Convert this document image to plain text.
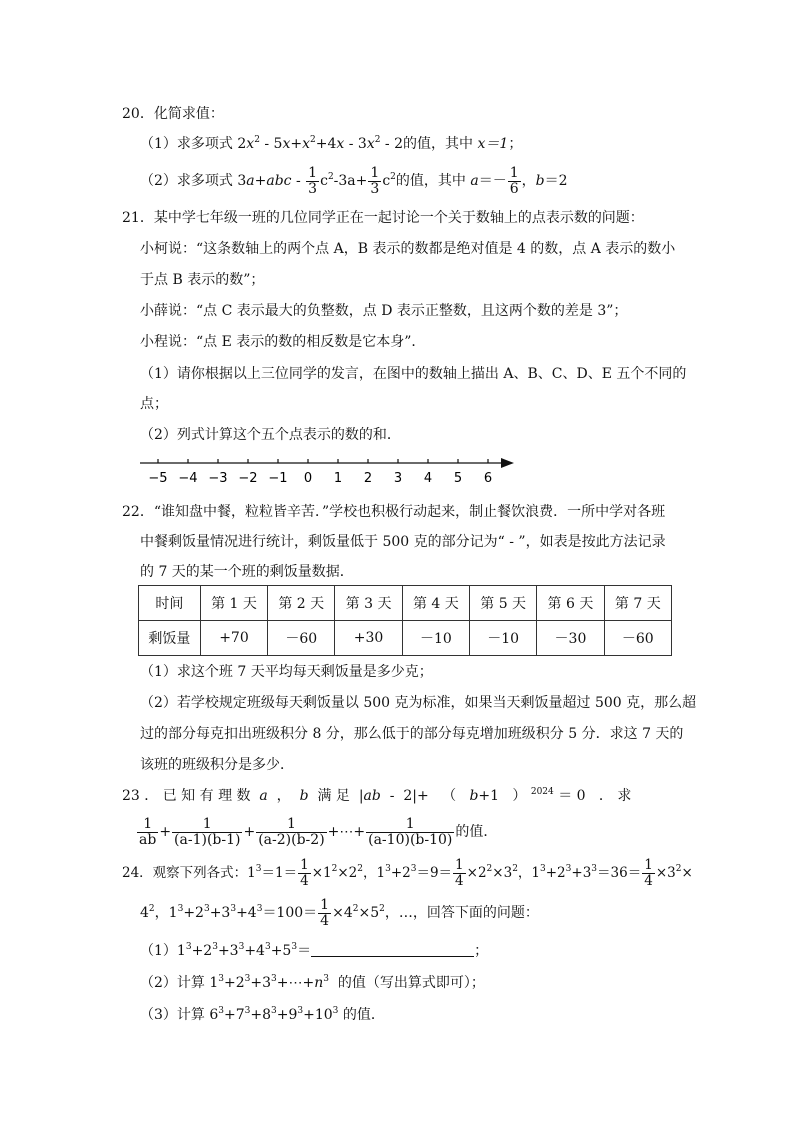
20．化简求值：
（1）求多项式 $2x^2 - 5x+x^2+4x - 3x^2 - 2$的值，其中 x＝1；
（2）求多项式 $3a+abc - \frac{1}{3} c^2-3a+ \frac{1}{3} c^2$的值，其中 $a=- \frac{1}{6}$ ，b＝2
21．某中学七年级一班的几位同学正在一起讨论一个关于数轴上的点表示数的问题：
小柯说：“这条数轴上的两个点 A，B 表示的数都是绝对值是 4 的数，点 A 表示的数小
于点 B 表示的数”；
小薛说：“点 C 表示最大的负整数，点 D 表示正整数，且这两个数的差是 3”；
小程说：“点 E 表示的数的相反数是它本身”．
（1）请你根据以上三位同学的发言，在图中的数轴上描出 A、B、C、D、E 五个不同的
点；
（2）列式计算这个五个点表示的数的和．
−5 −4 −3 −2 −1 0 1 2 3 4 5 6
22．“谁知盘中餐，粒粒皆辛苦．”学校也积极行动起来，制止餐饮浪费．一所中学对各班
中餐剩饭量情况进行统计，剩饭量低于 500 克的部分记为“ - ”，如表是按此方法记录
的 7 天的某一个班的剩饭量数据．
时间	第 1 天	第 2 天	第 3 天	第 4 天	第 5 天	第 6 天	第 7 天
剩饭量	+70	－60	+30	－10	－10	－30	－60
（1）求这个班 7 天平均每天剩饭量是多少克；
（2）若学校规定班级每天剩饭量以 500 克为标准，如果当天剩饭量超过 500 克，那么超
过的部分每克扣出班级积分 8 分，那么低于的部分每克增加班级积分 5 分．求这 7 天的
该班的班级积分是多少．
23 ． 已 知 有 理 数  a  ，  b  满 足  |ab  -  2|+   （   b+1   ） $^{2024}$ ＝ 0   ． 求
$\frac{1}{ab} + \frac{1}{(a-1)(b-1)} + \frac{1}{(a-2)(b-2)}$ +⋯+ $\frac{1}{(a-10)(b-10)}$ 的值．
24．观察下列各式：$1^3=1= \frac{1}{4} \times 1^2\times 2^2$，$1^3+2^3=9= \frac{1}{4} \times 2^2\times 3^2$，$1^3+2^3+3^3=36= \frac{1}{4} \times 3^2\times$
$4^2$，$1^3+2^3+3^3+4^3=100= \frac{1}{4} \times 4^2\times 5^2$，…，回答下面的问题：
$(1)1^3+2^3+3^3+4^3+5^3=$	；
（2）计算 $1^3+2^3+3^3+\cdots+n^3$  的值（写出算式即可）；
（3）计算 $6^3+7^3+8^3+9^3+10^3$ 的值．
